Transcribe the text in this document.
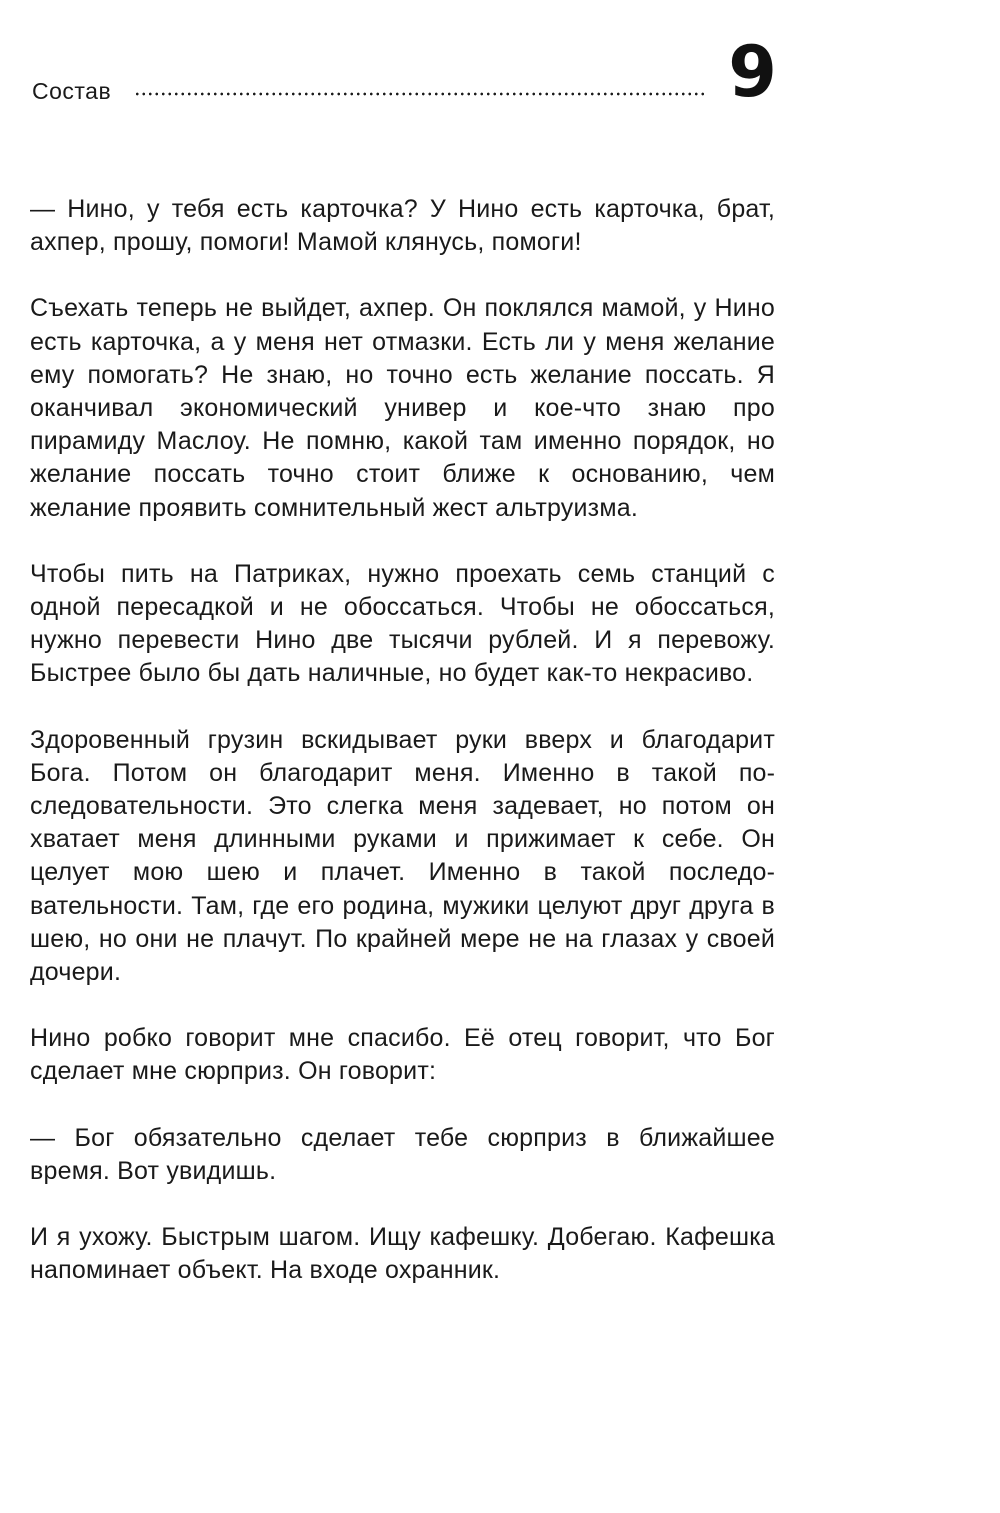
Состав	9

— Нино, у тебя есть карточка? У Нино есть карточка, брат, ахпер, прошу, помоги! Мамой клянусь, помоги!

Съехать теперь не выйдет, ахпер. Он поклялся мамой, у Нино есть карточка, а у меня нет отмазки. Есть ли у меня желание ему помогать? Не знаю, но точно есть желание поссать. Я оканчивал экономический универ и кое-что знаю про пирамиду Маслоу. Не помню, какой там именно порядок, но желание поссать точно стоит ближе к основанию, чем желание проявить сомнительный жест альтруизма.

Чтобы пить на Патриках, нужно проехать семь станций с одной пересадкой и не обоссаться. Чтобы не обоссаться, нужно перевести Нино две тысячи рублей. И я перевожу. Быстрее было бы дать наличные, но будет как-то некрасиво.

Здоровенный грузин вскидывает руки вверх и благодарит Бога. Потом он благодарит меня. Именно в такой последовательности. Это слегка меня задевает, но потом он хватает меня длинными руками и прижимает к себе. Он целует мою шею и плачет. Именно в такой последовательности. Там, где его родина, мужики целуют друг друга в шею, но они не плачут. По крайней мере не на глазах у своей дочери.

Нино робко говорит мне спасибо. Её отец говорит, что Бог сделает мне сюрприз. Он говорит:

— Бог обязательно сделает тебе сюрприз в ближайшее время. Вот увидишь.

И я ухожу. Быстрым шагом. Ищу кафешку. Добегаю. Кафешка напоминает объект. На входе охранник.
